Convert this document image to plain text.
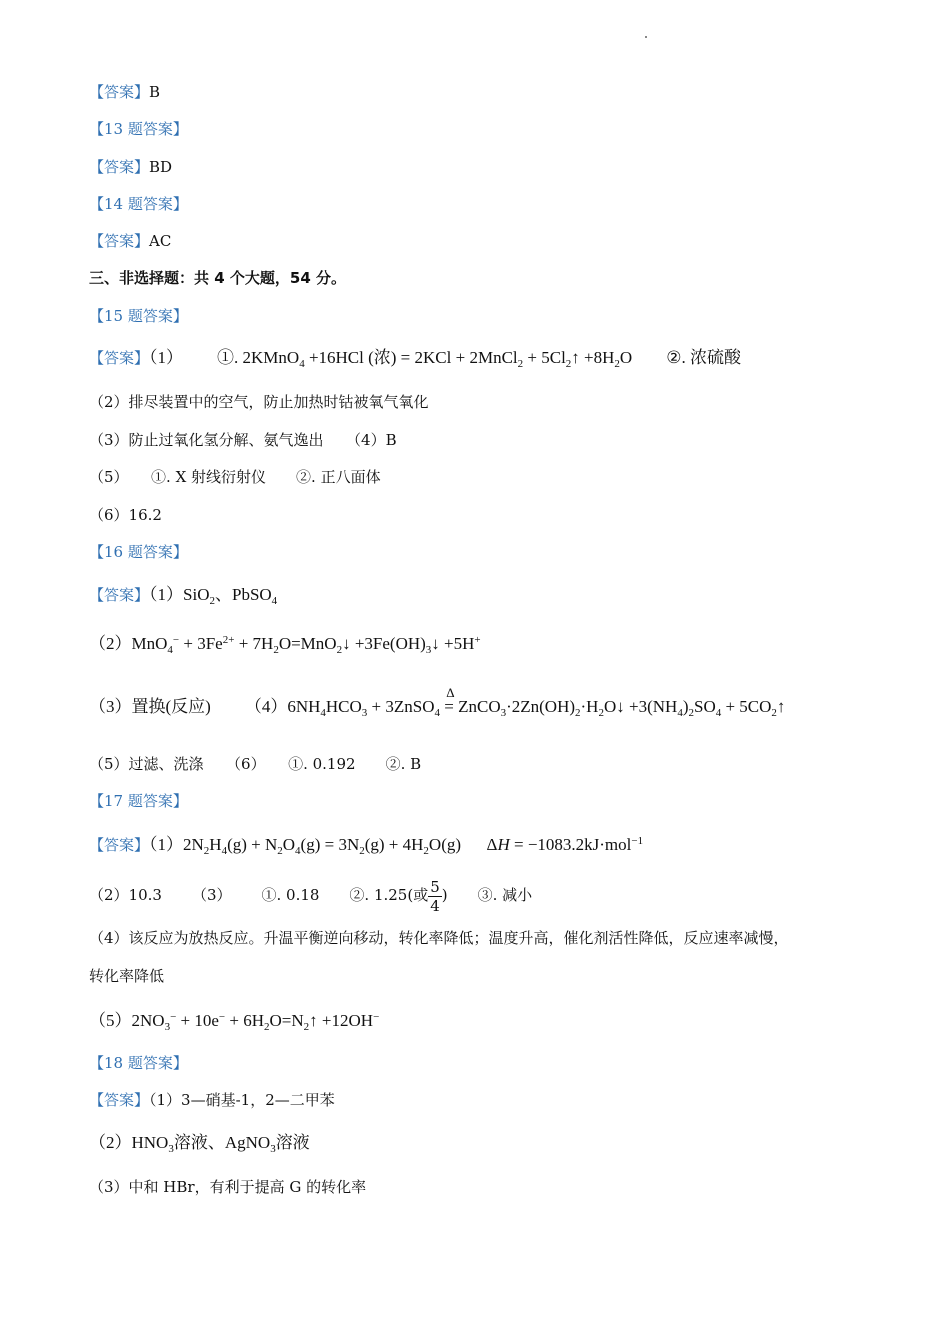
【答案】B
【13 题答案】
【答案】BD
【14 题答案】
【答案】AC
三、非选择题：共 4 个大题，54 分。
【15 题答案】
【答案】（1）  ①. 2KMnO$_4$ +16HCl (浓) = 2KCl + 2MnCl$_2$ + $5Cl_2↑ +8H_2O$  ②. 浓硫酸
（2）排尽装置中的空气，防止加热时钴被氧气氧化
（3）防止过氧化氢分解、氨气逸出　　（4）B
（5）　　①. X 射线衍射仪　　②. 正八面体
（6）16.2
【16 题答案】
【答案】（1）SiO$_2$、PbSO$_4$
$(2)MnO_4^- + 3Fe^{2+}$ + $7H_2O=MnO_2↓$ $+3Fe(OH)_3↓ +5H^+$
（3）置换(反应)  $(4)6NH_4HCO_3$ + 3ZnSO$_4$ =
Δ
$ZnCO_3\cdot 2Zn(OH)_2\cdot H_2O↓ +3(NH_4)_2SO_4$ + $5CO_2↑$
（5）过滤、洗涤　　（6）　　①. 0.192　　②. B
【17 题答案】
【答案】$(1)2N_2H_4(g) + N_2O_4(g) = 3N_2(g) + 4H_2O(g)$  ΔH = −1083.2kJ·mol$^{-1}$
（2）10.3  （3）  ①. 0.18  ②. 1.25(或 $\frac{5}{4}$ )  ③. 减小
（4）该反应为放热反应。升温平衡逆向移动，转化率降低；温度升高，催化剂活性降低，反应速率减慢，
转化率降低
$(5)2NO_3^- + 10e^-$ + $6H_2O=N_2↑ +12OH^-$
【18 题答案】
【答案】（1）3—硝基-1，2—二甲苯
$(2)HNO_3$溶液、AgNO$_3$溶液
（3）中和 HBr，有利于提高 G 的转化率
